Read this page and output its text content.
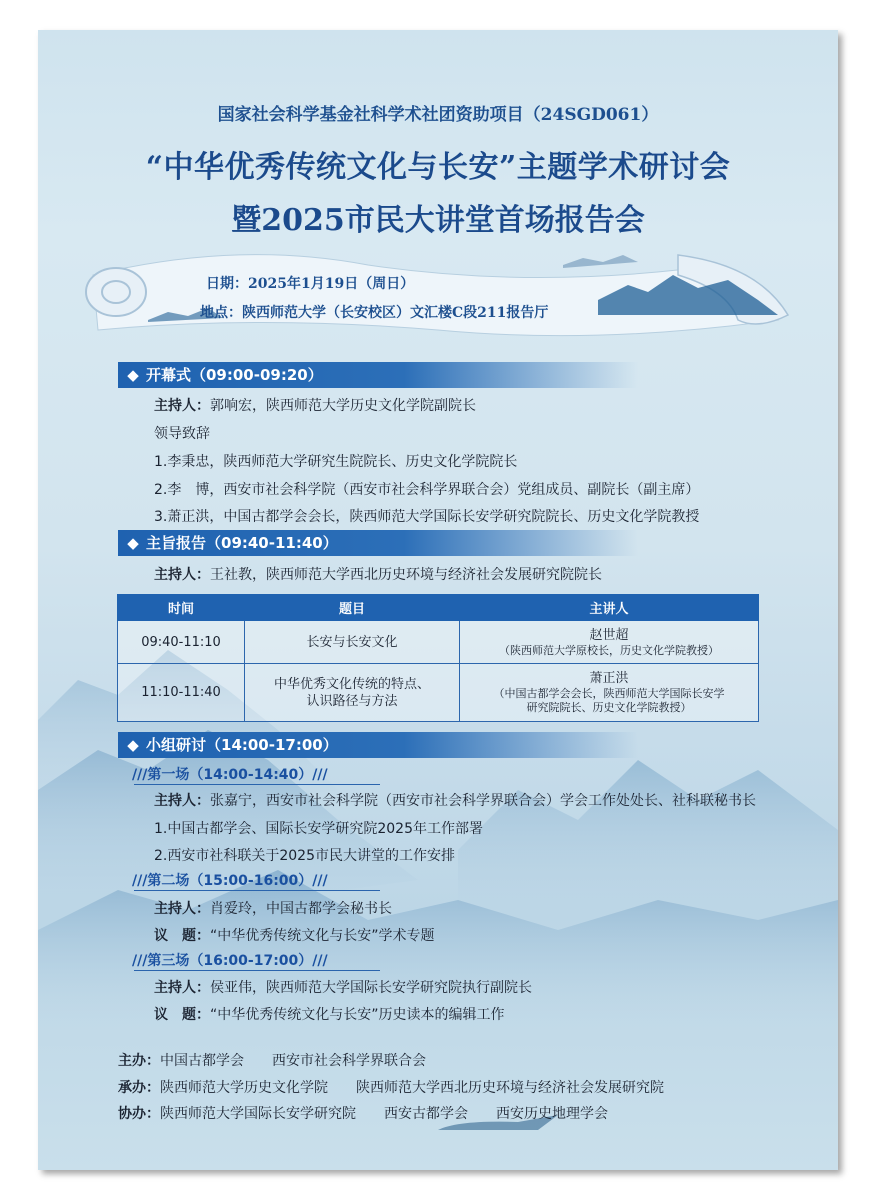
国家社会科学基金社科学术社团资助项目（24SGD061）
“中华优秀传统文化与长安”主题学术研讨会
暨2025市民大讲堂首场报告会
日期：2025年1月19日（周日）
地点：陕西师范大学（长安校区）文汇楼C段211报告厅
◆ 开幕式（09:00-09:20）
主持人：郭响宏，陕西师范大学历史文化学院副院长
领导致辞
1.李秉忠，陕西师范大学研究生院院长、历史文化学院院长
2.李　博，西安市社会科学院（西安市社会科学界联合会）党组成员、副院长（副主席）
3.萧正洪，中国古都学会会长，陕西师范大学国际长安学研究院院长、历史文化学院教授
◆ 主旨报告（09:40-11:40）
主持人：王社教，陕西师范大学西北历史环境与经济社会发展研究院院长
时间	题目	主讲人
09:40-11:10	长安与长安文化	赵世超
（陕西师范大学原校长，历史文化学院教授）

11:10-11:40	中华优秀文化传统的特点、
认识路径与方法	萧正洪
（中国古都学会会长，陕西师范大学国际长安学
研究院院长、历史文化学院教授）
◆ 小组研讨（14:00-17:00）
///第一场（14:00-14:40）///
主持人：张嘉宁，西安市社会科学院（西安市社会科学界联合会）学会工作处处长、社科联秘书长
1.中国古都学会、国际长安学研究院2025年工作部署
2.西安市社科联关于2025市民大讲堂的工作安排
///第二场（15:00-16:00）///
主持人：肖爱玲，中国古都学会秘书长
议　题：“中华优秀传统文化与长安”学术专题
///第三场（16:00-17:00）///
主持人：侯亚伟，陕西师范大学国际长安学研究院执行副院长
议　题：“中华优秀传统文化与长安”历史读本的编辑工作
主办：中国古都学会　　西安市社会科学界联合会
承办：陕西师范大学历史文化学院　　陕西师范大学西北历史环境与经济社会发展研究院
协办：陕西师范大学国际长安学研究院　　西安古都学会　　西安历史地理学会
